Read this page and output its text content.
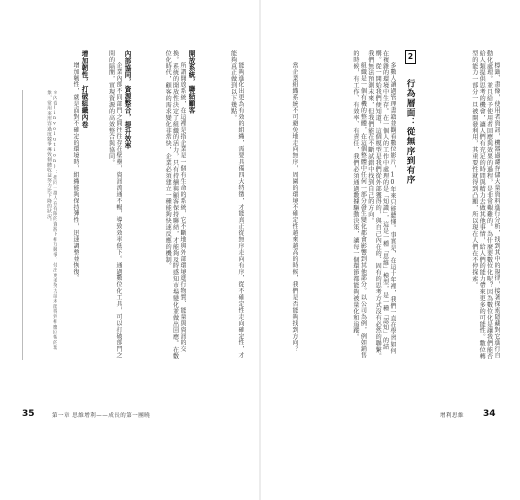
標籤、畫像，使用者資訊，機器過濾存儲大量資料進行分析，找到其中的規律，接著探索隱藏對它進行自動化處理。並且給予使用者回應與效果的過程，是非常艱難的。為什麼要數位化呢？因為數位化是讓我們能否給人類提供思考的機會，讓人們有充足的時間與精力去做其他事情，給人們的能力帶來更多的可能性。數位轉型的能力一部分一旦被開發利用，其重要性就得到凸顯，所以現在人們在不停探索。

2 行為層面：從無序到有序

多數人讀過管理書籍並觀看數位影片，10年來只能聽懂。事實是，在這十年裡，我們一直在學習如何在複雜的環境中生存。在一個人的工作中處理的是「知識」，這是一種「思維」模型，是一種「認知」的結構。從一開始我們便知道，這個模型是我們從外部獲得的，與自己內在的、固有的思考方式沒有必然的聯繫。我們無法預測未來，但我們能在不斷試錯中找到自己的方向。

組織是一個有機的整體，在這個整體中任何一部分發生變化都會影響到其他部分。以公司為例，例如銷售的時候，有工作、有效率、有責任，我們必須通過數據驅動決策，讓每一個環節都能夠被量化和追蹤。

當企業組織系統不可避免地走向無序，周圍的環境不確定性越來越高的時候，我們是否能夠找到方向？

能夠進化出更為有效的組織，需要具備四大特徵，才能真正從無序走向有序，從不確定性走向確定性，才能夠真正做到以下幾點。

開放系統，聯結顧客

所謂開放系統，在這裡是指企業是一個有生命的系統，它不斷地與外部環境進行物質、能量與資訊的交換。系統的開放性決定了組織的活力，只有持續與顧客保持聯結，才能夠及時感知市場變化並做出回應。在數位化時代，顧客的需求變化非常快，企業必須建立一種能夠快速反應的機制。

內部協同，資源整合，提升效率

企業內部不同部門之間往往存在壁壘，資訊流通不暢，導致效率低下。通過數位化工具，可以打破部門之間的隔閡，實現資源的高效整合與協同。

增加韌性，打破組織內卷

增加韌性，就是面對不確定的環境時，組織能夠保持彈性，迅速調整並恢復。

＊內卷(involution)：指同一群人在有限的資源下相互競爭，付出更多努力卻未能得到相應回報的現象，常用來形容過度競爭導致個體收益努力比下降的狀況。
35	第一章 思維增利——成長的第一團曉	增利思維 34
